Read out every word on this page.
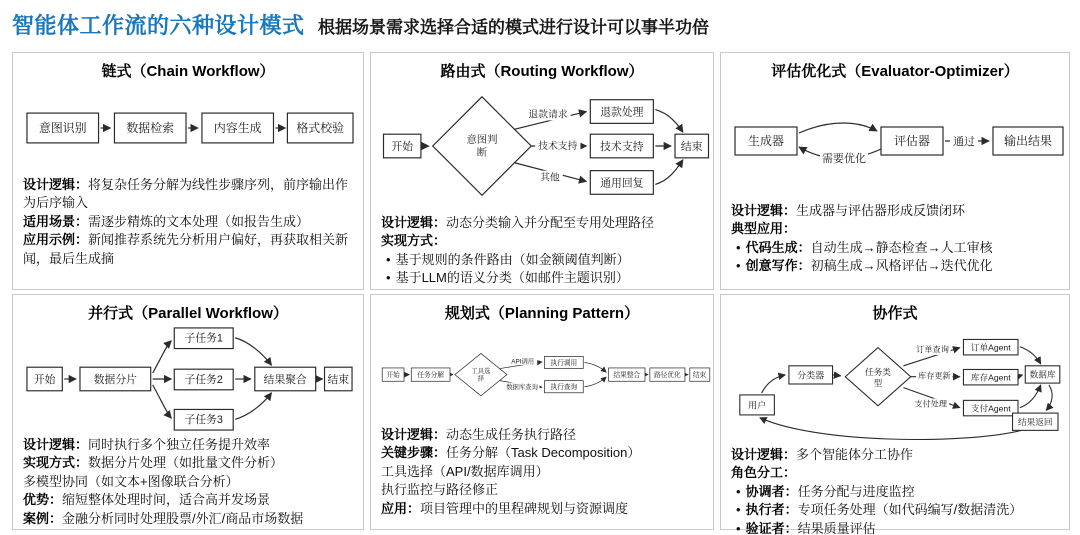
智能体工作流的六种设计模式 根据场景需求选择合适的模式进行设计可以事半功倍
链式（Chain Workflow）
意图识别	数据检索	内容生成	格式校验
设计逻辑：将复杂任务分解为线性步骤序列，前序输出作为后序输入
适用场景：需逐步精炼的文本处理（如报告生成）
应用示例：新闻推荐系统先分析用户偏好，再获取相关新闻，最后生成摘
路由式（Routing Workflow）
开始
意图判
断
退款请求
技术支持
其他
退款处理
技术支持
通用回复
结束
设计逻辑：动态分类输入并分配至专用处理路径
实现方式：
• 基于规则的条件路由（如金额阈值判断）
• 基于LLM的语义分类（如邮件主题识别）
评估优化式（Evaluator-Optimizer）
生成器
需要优化
评估器 通过 输出结果
设计逻辑：生成器与评估器形成反馈闭环
典型应用：
• 代码生成：自动生成→静态检查→人工审核
• 创意写作：初稿生成→风格评估→迭代优化
并行式（Parallel Workflow）
开始	数据分片
子任务1
子任务2
子任务3
结果聚合 结束
设计逻辑：同时执行多个独立任务提升效率
实现方式：数据分片处理（如批量文件分析）
多模型协同（如文本+图像联合分析）
优势：缩短整体处理时间，适合高并发场景
案例：金融分析同时处理股票/外汇/商品市场数据
规划式（Planning Pattern）
开始 任务分解
工具选
择
API调用
数据库查询
执行调用
执行查询
结果整合 路径优化 结束
设计逻辑：动态生成任务执行路径
关键步骤：任务分解（Task Decomposition）
工具选择（API/数据库调用）
执行监控与路径修正
应用：项目管理中的里程碑规划与资源调度
协作式
用户
分类器	任务类
型
订单查询
库存更新
支付处理
订单Agent
库存Agent
支付Agent
数据库
结果返回
设计逻辑：多个智能体分工协作
角色分工：
• 协调者：任务分配与进度监控
• 执行者：专项任务处理（如代码编写/数据清洗）
• 验证者：结果质量评估
